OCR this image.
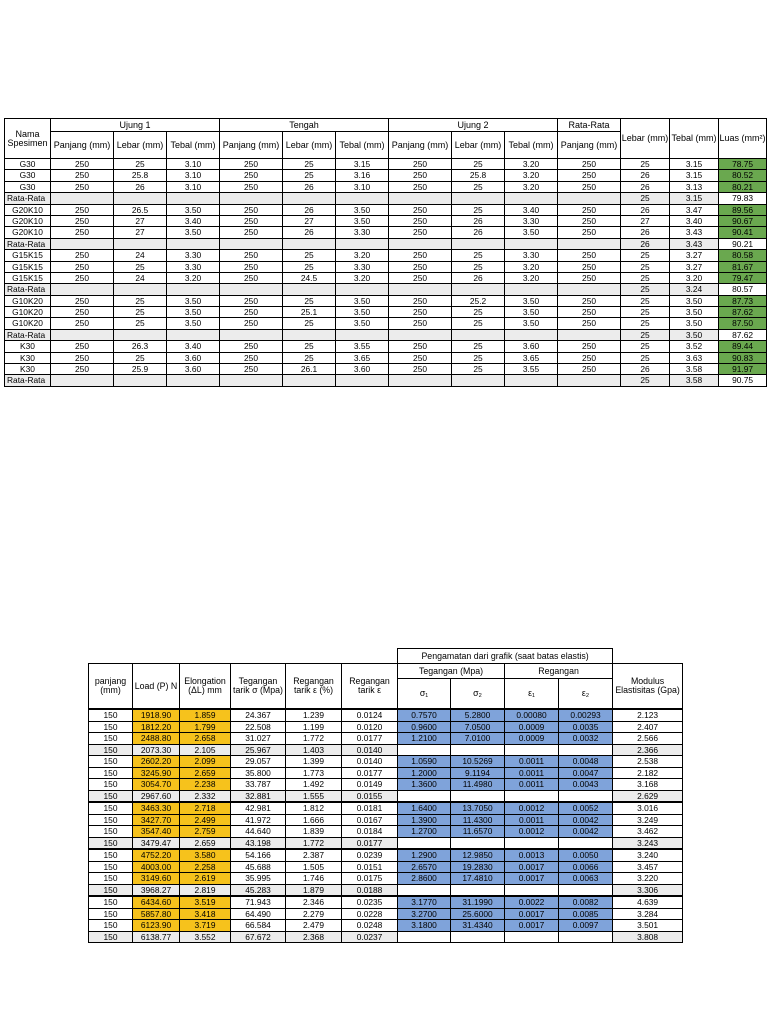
Nama Spesimen	Ujung 1			Tengah			Ujung 2			Rata-Rata	Lebar (mm)	Tebal (mm)	Luas (mm²)
	Panjang (mm)	Lebar (mm)	Tebal (mm)	Panjang (mm)	Lebar (mm)	Tebal (mm)	Panjang (mm)	Lebar (mm)	Tebal (mm)	Panjang (mm)			
G30	250	25	3.10	250	25	3.15	250	25	3.20	250	25	3.15	78.75
G30	250	25.8	3.10	250	25	3.16	250	25.8	3.20	250	26	3.15	80.52
G30	250	26	3.10	250	26	3.10	250	25	3.20	250	26	3.13	80.21
Rata-Rata											25	3.15	79.83
G20K10	250	26.5	3.50	250	26	3.50	250	25	3.40	250	26	3.47	89.56
G20K10	250	27	3.40	250	27	3.50	250	26	3.30	250	27	3.40	90.67
G20K10	250	27	3.50	250	26	3.30	250	26	3.50	250	26	3.43	90.41
Rata-Rata											26	3.43	90.21
G15K15	250	24	3.30	250	25	3.20	250	25	3.30	250	25	3.27	80.58
G15K15	250	25	3.30	250	25	3.30	250	25	3.20	250	25	3.27	81.67
G15K15	250	24	3.20	250	24.5	3.20	250	26	3.20	250	25	3.20	79.47
Rata-Rata											25	3.24	80.57
G10K20	250	25	3.50	250	25	3.50	250	25.2	3.50	250	25	3.50	87.73
G10K20	250	25	3.50	250	25.1	3.50	250	25	3.50	250	25	3.50	87.62
G10K20	250	25	3.50	250	25	3.50	250	25	3.50	250	25	3.50	87.50
Rata-Rata											25	3.50	87.62
K30	250	26.3	3.40	250	25	3.55	250	25	3.60	250	25	3.52	89.44
K30	250	25	3.60	250	25	3.65	250	25	3.65	250	25	3.63	90.83
K30	250	25.9	3.60	250	26.1	3.60	250	25	3.55	250	26	3.58	91.97
Rata-Rata											25	3.58	90.75
						Pengamatan dari grafik (saat batas elastis)				
panjang (mm)	Load (P) N	Elongation (ΔL) mm	Tegangan tarik σ (Mpa)	Regangan tarik ε (%)	Regangan tarik ε	Tegangan (Mpa)		Regangan		Modulus Elastisitas (Gpa)
						σ₁	σ₂	ε₁	ε₂	
150	1918.90	1.859	24.367	1.239	0.0124	0.7570	5.2800	0.00080	0.00293	2.123
150	1812.20	1.799	22.508	1.199	0.0120	0.9600	7.0500	0.0009	0.0035	2.407
150	2488.80	2.658	31.027	1.772	0.0177	1.2100	7.0100	0.0009	0.0032	2.566
150	2073.30	2.105	25.967	1.403	0.0140					2.366
150	2602.20	2.099	29.057	1.399	0.0140	1.0590	10.5269	0.0011	0.0048	2.538
150	3245.90	2.659	35.800	1.773	0.0177	1.2000	9.1194	0.0011	0.0047	2.182
150	3054.70	2.238	33.787	1.492	0.0149	1.3600	11.4980	0.0011	0.0043	3.168
150	2967.60	2.332	32.881	1.555	0.0155					2.629
150	3463.30	2.718	42.981	1.812	0.0181	1.6400	13.7050	0.0012	0.0052	3.016
150	3427.70	2.499	41.972	1.666	0.0167	1.3900	11.4300	0.0011	0.0042	3.249
150	3547.40	2.759	44.640	1.839	0.0184	1.2700	11.6570	0.0012	0.0042	3.462
150	3479.47	2.659	43.198	1.772	0.0177					3.243
150	4752.20	3.580	54.166	2.387	0.0239	1.2900	12.9850	0.0013	0.0050	3.240
150	4003.00	2.258	45.688	1.505	0.0151	2.6570	19.2830	0.0017	0.0066	3.457
150	3149.60	2.619	35.995	1.746	0.0175	2.8600	17.4810	0.0017	0.0063	3.220
150	3968.27	2.819	45.283	1.879	0.0188					3.306
150	6434.60	3.519	71.943	2.346	0.0235	3.1770	31.1990	0.0022	0.0082	4.639
150	5857.80	3.418	64.490	2.279	0.0228	3.2700	25.6000	0.0017	0.0085	3.284
150	6123.90	3.719	66.584	2.479	0.0248	3.1800	31.4340	0.0017	0.0097	3.501
150	6138.77	3.552	67.672	2.368	0.0237					3.808
